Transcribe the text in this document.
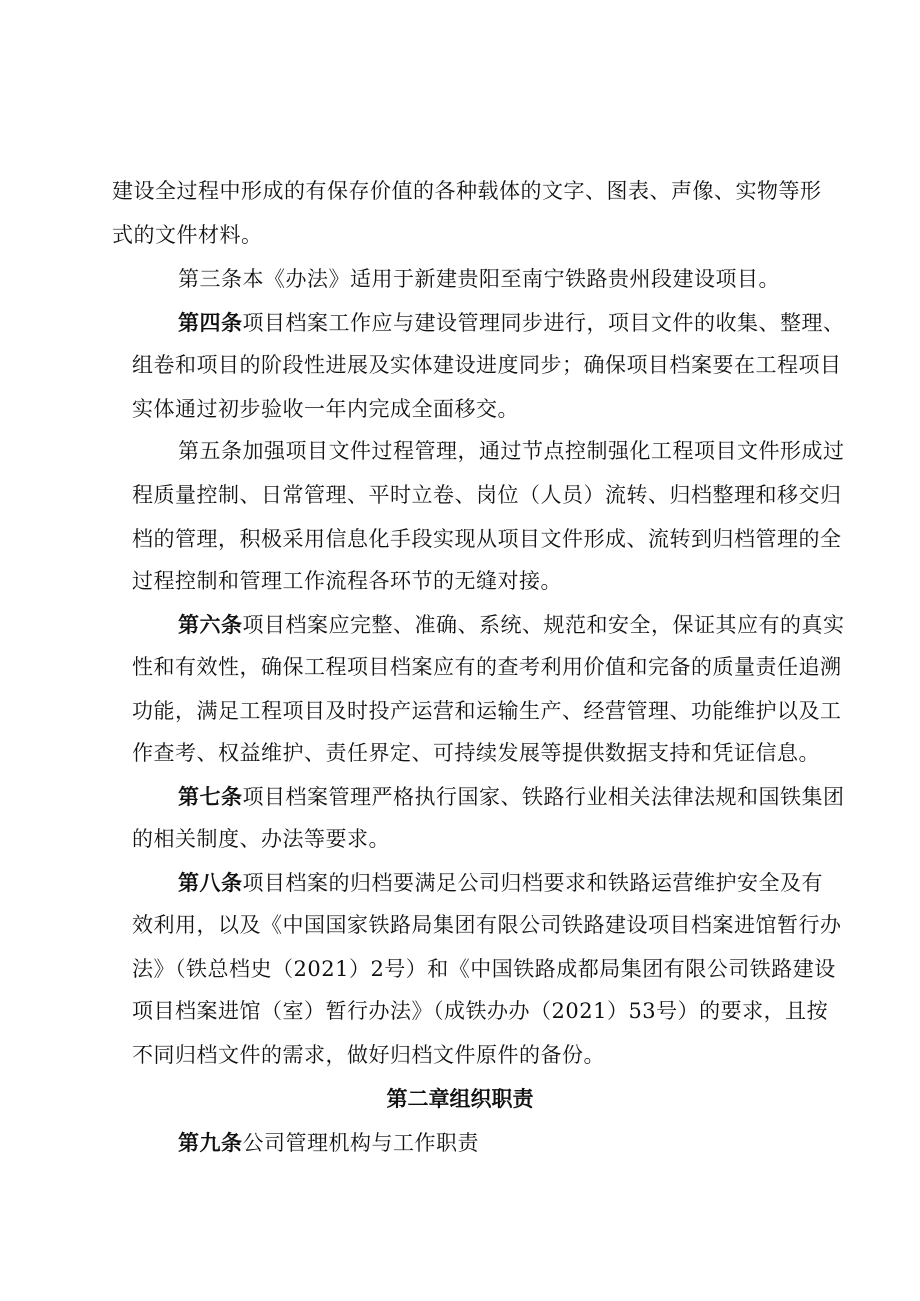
建设全过程中形成的有保存价值的各种载体的文字、图表、声像、实物等形
式的文件材料。
第三条本《办法》适用于新建贵阳至南宁铁路贵州段建设项目。
第四条项目档案工作应与建设管理同步进行，项目文件的收集、整理、
组卷和项目的阶段性进展及实体建设进度同步；确保项目档案要在工程项目
实体通过初步验收一年内完成全面移交。
第五条加强项目文件过程管理，通过节点控制强化工程项目文件形成过
程质量控制、日常管理、平时立卷、岗位（人员）流转、归档整理和移交归
档的管理，积极采用信息化手段实现从项目文件形成、流转到归档管理的全
过程控制和管理工作流程各环节的无缝对接。
第六条项目档案应完整、准确、系统、规范和安全，保证其应有的真实
性和有效性，确保工程项目档案应有的查考利用价值和完备的质量责任追溯
功能，满足工程项目及时投产运营和运输生产、经营管理、功能维护以及工
作查考、权益维护、责任界定、可持续发展等提供数据支持和凭证信息。
第七条项目档案管理严格执行国家、铁路行业相关法律法规和国铁集团
的相关制度、办法等要求。
第八条项目档案的归档要满足公司归档要求和铁路运营维护安全及有
效利用，以及《中国国家铁路局集团有限公司铁路建设项目档案进馆暂行办
法》（铁总档史（2021）2号）和《中国铁路成都局集团有限公司铁路建设
项目档案进馆（室）暂行办法》（成铁办办（2021）53号）的要求，且按
不同归档文件的需求，做好归档文件原件的备份。
第二章组织职责
第九条公司管理机构与工作职责
